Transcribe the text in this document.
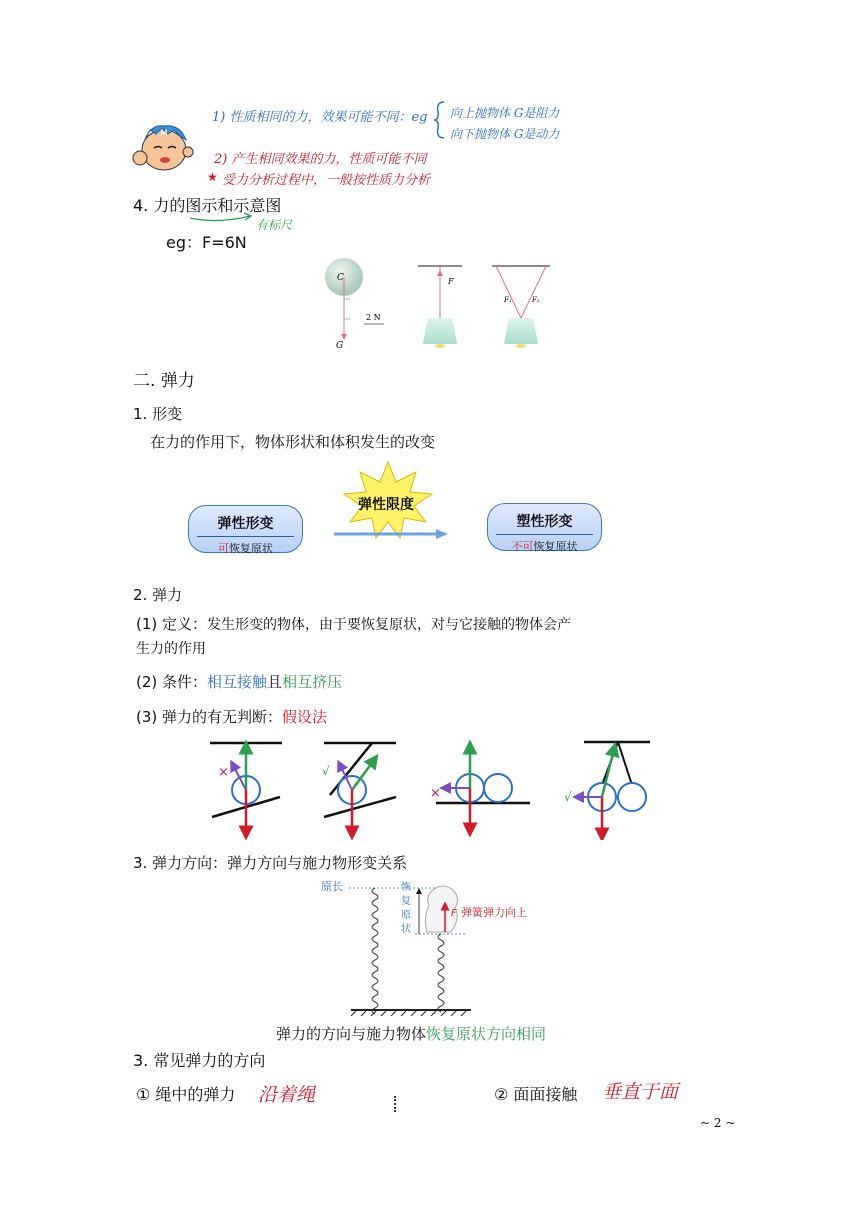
M
1) 性质相同的力，效果可能不同：eg 向上抛物体 G是阻力
向下抛物体 G是动力
2) 产生相同效果的力，性质可能不同
★ 受力分析过程中，一般按性质力分析
4. 力的图示和示意图
有标尺
eg：F=6N
C
G
2 N
F
F₁	F₂
二. 弹力
1. 形变
在力的作用下，物体形状和体积发生的改变
弹性形变
可恢复原状
弹性限度
塑性形变
不可恢复原状
2. 弹力
(1) 定义：发生形变的物体，由于要恢复原状，对与它接触的物体会产
生力的作用
(2) 条件：相互接触且相互挤压
(3) 弹力的有无判断：假设法
×	√
×	√
3. 弹力方向：弹力方向与施力物形变关系
原长	恢
复
原
状
F 弹簧弹力向上
弹力的方向与施力物体恢复原状方向相同
3. 常见弹力的方向
① 绳中的弹力 沿着绳	② 面面接触 垂直于面
~ 2 ~
